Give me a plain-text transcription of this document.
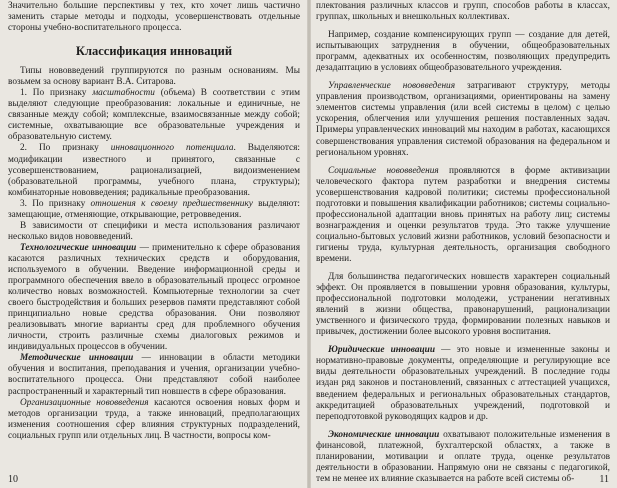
Значительно большие перспективы у тех, кто хочет лишь частично заменить старые методы и подходы, усовершенствовать отдельные стороны учебно-воспитательного процесса.

Классификация инноваций

Типы нововведений группируются по разным основаниям. Мы возьмем за основу вариант В.А. Ситарова.

1. По признаку масштабности (объема) В соответствии с этим выделяют следующие преобразования: локальные и единичные, не связанные между собой; комплексные, взаимосвязанные между собой; системные, охватывающие все образовательные учреждения и образовательную систему.

2. По признаку инновационного потенциала. Выделяются: модификации известного и принятого, связанные с усовершенствованием, рационализацией, видоизменением (образовательной программы, учебного плана, структуры); комбинаторные нововведения; радикальные преобразования.

3. По признаку отношения к своему предшественнику выделяют: замещающие, отменяющие, открывающие, ретровведения.

В зависимости от специфики и места использования различают несколько видов нововведений.

Технологические инновации — применительно к сфере образования касаются различных технических средств и оборудования, используемого в обучении. Введение информационной среды и программного обеспечения ввело в образовательный процесс огромное количество новых возможностей. Компьютерные технологии за счет своего быстродействия и больших резервов памяти представляют собой принципиально новые средства образования. Они позволяют реализовывать многие варианты сред для проблемного обучения личности, строить различные схемы диалоговых режимов и индивидуальных процессов в обучении.

Методические инновации — инновации в области методики обучения и воспитания, преподавания и учения, организации учебно-воспитательного процесса. Они представляют собой наиболее распространенный и характерный тип новшеств в сфере образования.

Организационные нововведения касаются освоения новых форм и методов организации труда, а также инноваций, предполагающих изменения соотношения сфер влияния структурных подразделений, социальных групп или отдельных лиц. В частности, вопросы ком-

10

плектования различных классов и групп, способов работы в классах, группах, школьных и внешкольных коллективах.

Например, создание компенсирующих групп — создание для детей, испытывающих затруднения в обучении, общеобразовательных программ, адекватных их особенностям, позволяющих предупредить дезадаптацию в условиях общеобразовательного учреждения.

Управленческие нововведения затрагивают структуру, методы управления производством, организациями, ориентированы на замену элементов системы управления (или всей системы в целом) с целью ускорения, облегчения или улучшения решения поставленных задач. Примеры управленческих инноваций мы находим в работах, касающихся совершенствования управления системой образования на федеральном и региональном уровнях.

Социальные нововведения проявляются в форме активизации человеческого фактора путем разработки и внедрения системы усовершенствования кадровой политики; системы профессиональной подготовки и повышения квалификации работников; системы социально-профессиональной адаптации вновь принятых на работу лиц; системы вознаграждения и оценки результатов труда. Это также улучшение социально-бытовых условий жизни работников, условий безопасности и гигиены труда, культурная деятельность, организация свободного времени.

Для большинства педагогических новшеств характерен социальный эффект. Он проявляется в повышении уровня образования, культуры, профессиональной подготовки молодежи, устранении негативных явлений в жизни общества, правонарушений, рационализации умственного и физического труда, формировании полезных навыков и привычек, достижении более высокого уровня воспитания.

Юридические инновации — это новые и измененные законы и нормативно-правовые документы, определяющие и регулирующие все виды деятельности образовательных учреждений. В последние годы издан ряд законов и постановлений, связанных с аттестацией учащихся, введением федеральных и региональных образовательных стандартов, аккредитацией образовательных учреждений, подготовкой и переподготовкой руководящих кадров и др.

Экономические инновации охватывают положительные изменения в финансовой, платежной, бухгалтерской областях, а также в планировании, мотивации и оплате труда, оценке результатов деятельности в образовании. Напрямую они не связаны с педагогикой, тем не менее их влияние сказывается на работе всей системы об-	11
